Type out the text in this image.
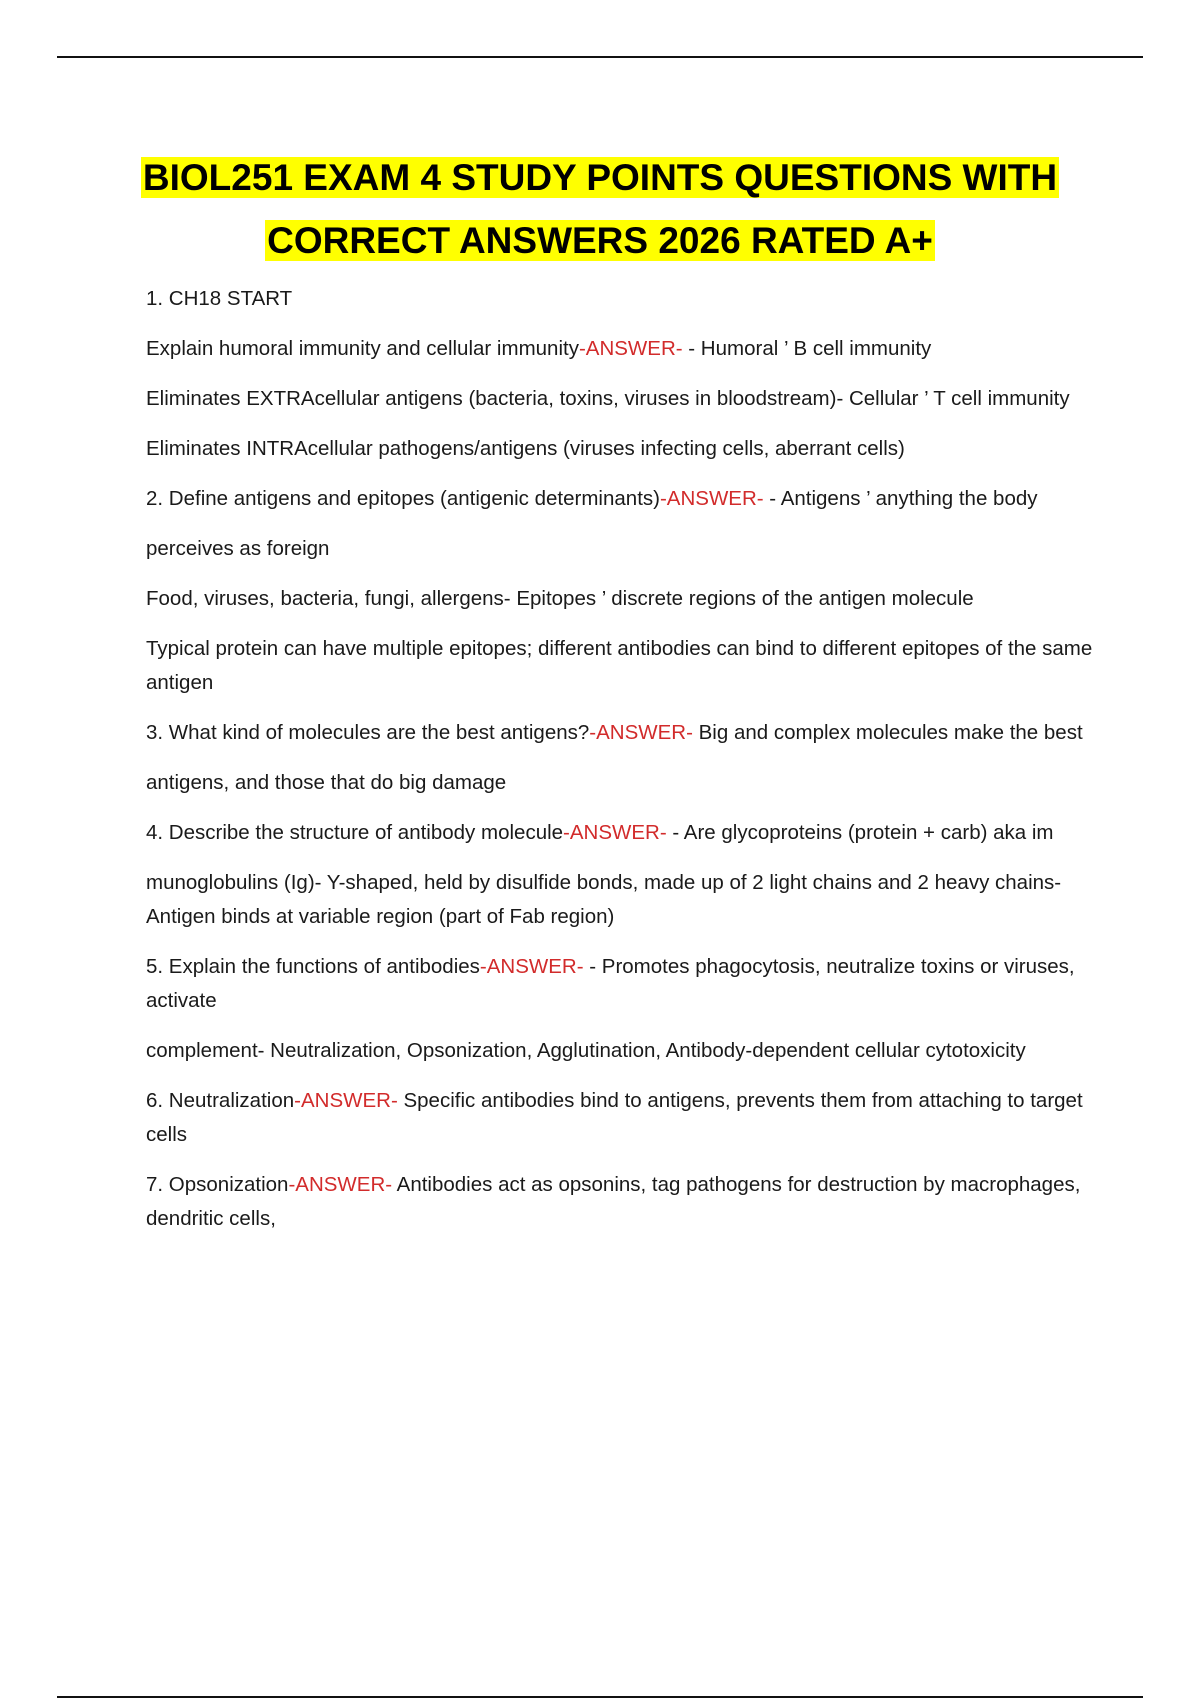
BIOL251 EXAM 4 STUDY POINTS QUESTIONS WITH
CORRECT ANSWERS 2026 RATED A+

1. CH18 START

Explain humoral immunity and cellular immunity-ANSWER- - Humoral ’ B cell immunity

Eliminates EXTRAcellular antigens (bacteria, toxins, viruses in bloodstream)- Cellular ’ T cell immunity

Eliminates INTRAcellular pathogens/antigens (viruses infecting cells, aberrant cells)

2. Define antigens and epitopes (antigenic determinants)-ANSWER- - Antigens ’ anything the body

perceives as foreign

Food, viruses, bacteria, fungi, allergens- Epitopes ’ discrete regions of the antigen molecule

Typical protein can have multiple epitopes; different antibodies can bind to different epitopes of the same antigen

3. What kind of molecules are the best antigens?-ANSWER- Big and complex molecules make the best

antigens, and those that do big damage

4. Describe the structure of antibody molecule-ANSWER- - Are glycoproteins (protein + carb) aka im

munoglobulins (Ig)- Y-shaped, held by disulfide bonds, made up of 2 light chains and 2 heavy chains- Antigen binds at variable region (part of Fab region)

5. Explain the functions of antibodies-ANSWER- - Promotes phagocytosis, neutralize toxins or viruses, activate

complement- Neutralization, Opsonization, Agglutination, Antibody-dependent cellular cytotoxicity

6. Neutralization-ANSWER- Specific antibodies bind to antigens, prevents them from attaching to target cells

7. Opsonization-ANSWER- Antibodies act as opsonins, tag pathogens for destruction by macrophages, dendritic cells,
